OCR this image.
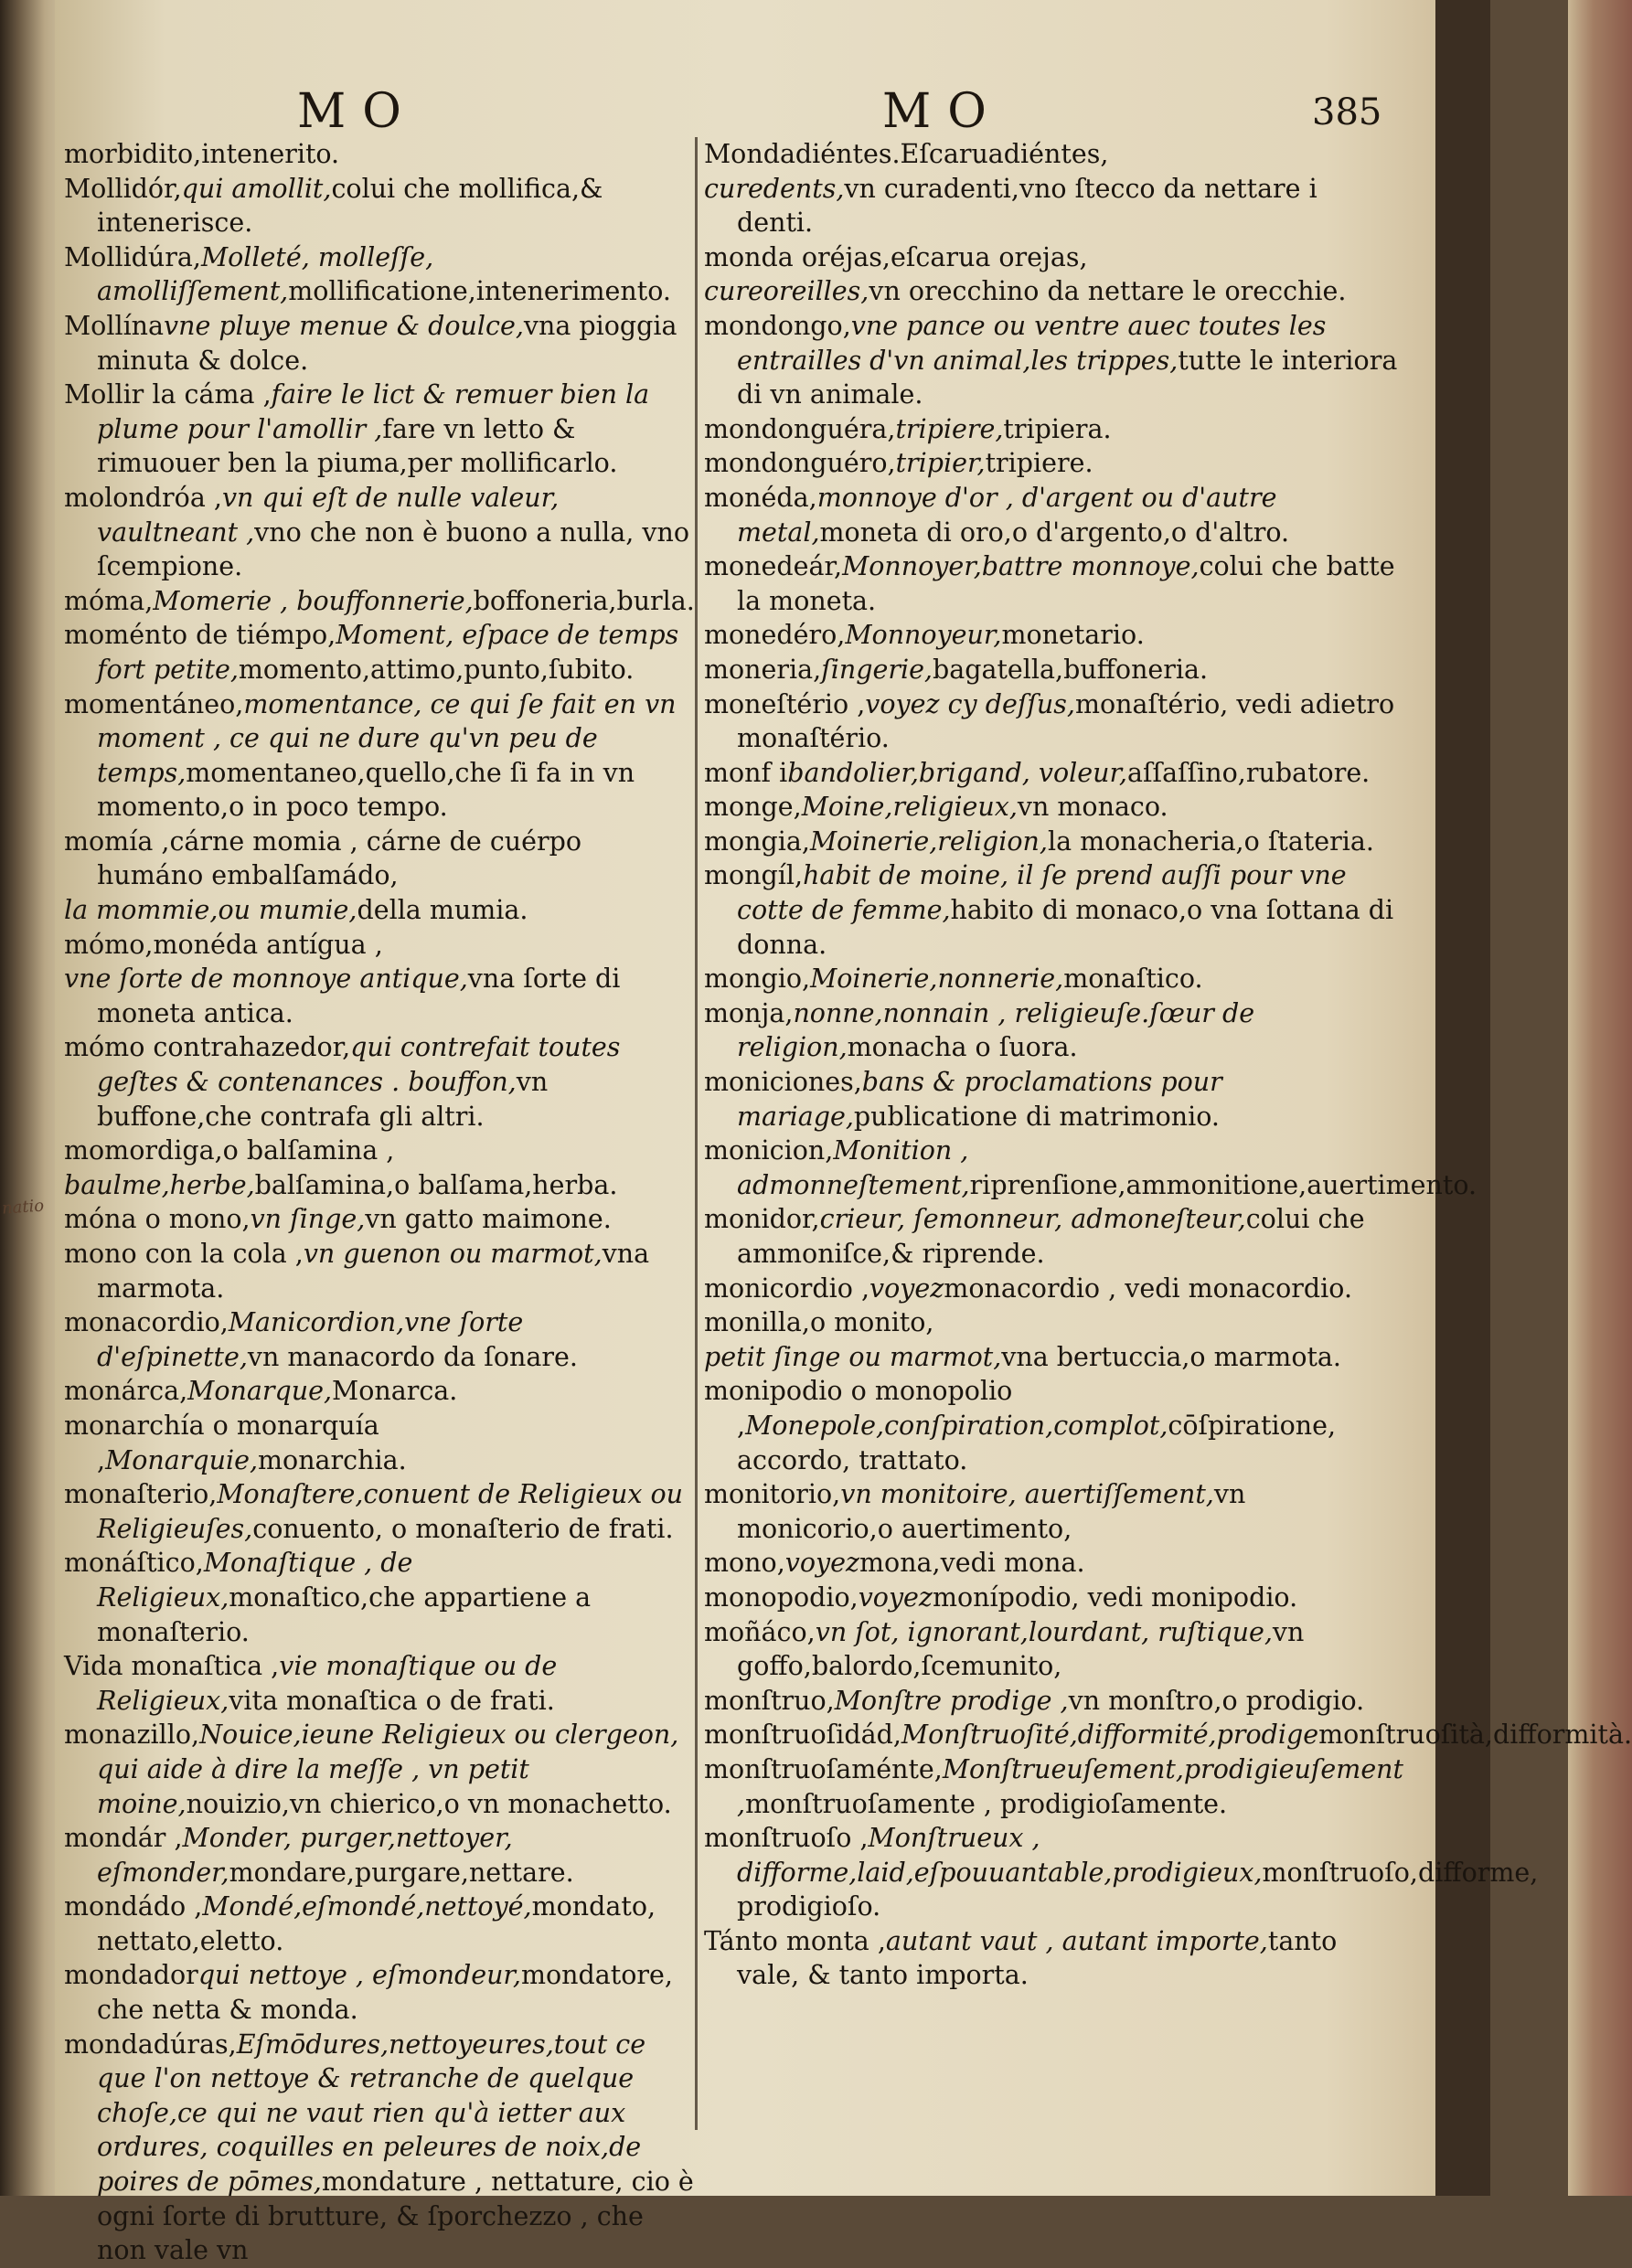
MO	MO	385
morbidito,intenerito.
Mollidór,qui amollit,colui che mollifica,& intenerisce.
Mollidúra,Molleté, molleſſe, amolliſſement,mollificatione,intenerimento.
Mollínavne pluye menue & doulce,vna pioggia minuta & dolce.
Mollir la cáma ,faire le lict & remuer bien la plume pour l'amollir ,fare vn letto & rimuouer ben la piuma,per mollificarlo.
molondróa ,vn qui eſt de nulle valeur, vaultneant ,vno che non è buono a nulla, vno ſcempione.
móma,Momerie , bouffonnerie,boffoneria,burla.
moménto de tiémpo,Moment, eſpace de temps fort petite,momento,attimo,punto,ſubito.
momentáneo,momentance, ce qui ſe fait en vn moment , ce qui ne dure qu'vn peu de temps,momentaneo,quello,che ſi fa in vn momento,o in poco tempo.
momía ,cárne momia , cárne de cuérpo humáno embalſamádo,
la mommie,ou mumie,della mumia.
mómo,monéda antígua ,
vne ſorte de monnoye antique,vna ſorte di moneta antica.
mómo contrahazedor,qui contrefait toutes geſtes & contenances . bouffon,vn buffone,che contrafa gli altri.
momordiga,o balſamina ,
baulme,herbe,balſamina,o balſama,herba.
móna o mono,vn ſinge,vn gatto maimone.
mono con la cola ,vn guenon ou marmot,vna marmota.
monacordio,Manicordion,vne ſorte d'eſpinette,vn manacordo da ſonare.
monárca,Monarque,Monarca.
monarchía o monarquía ,Monarquie,monarchia.
monaſterio,Monaſtere,conuent de Religieux ou Religieuſes,conuento, o monaſterio de frati.
monáſtico,Monaſtique , de Religieux,monaſtico,che appartiene a monaſterio.
Vida monaſtica ,vie monaſtique ou de Religieux,vita monaſtica o de frati.
monazillo,Nouice,ieune Religieux ou clergeon, qui aide à dire la meſſe , vn petit moine,nouizio,vn chierico,o vn monachetto.
mondár ,Monder, purger,nettoyer, eſmonder,mondare,purgare,nettare.
mondádo ,Mondé,eſmondé,nettoyé,mondato, nettato,eletto.
mondadorqui nettoye , eſmondeur,mondatore, che netta & monda.
mondadúras,Eſmōdures,nettoyeures,tout ce que l'on nettoye & retranche de quelque choſe,ce qui ne vaut rien qu'à ietter aux ordures, coquilles en peleures de noix,de poires de pōmes,mondature , nettature, cio è ogni ſorte di brutture, & ſporchezzo , che non vale vn
Mondadiéntes.Eſcaruadiéntes,
curedents,vn curadenti,vno ſtecco da nettare i denti.
monda oréjas,eſcarua orejas,
cureoreilles,vn orecchino da nettare le orecchie.
mondongo,vne pance ou ventre auec toutes les entrailles d'vn animal,les trippes,tutte le interiora di vn animale.
mondonguéra,tripiere,tripiera.
mondonguéro,tripier,tripiere.
monéda,monnoye d'or , d'argent ou d'autre metal,moneta di oro,o d'argento,o d'altro.
monedeár,Monnoyer,battre monnoye,colui che batte la moneta.
monedéro,Monnoyeur,monetario.
moneria,ſingerie,bagatella,buffoneria.
moneſtério ,voyez cy deſſus,monaſtério, vedi adietro monaſtério.
monf ibandolier,brigand, voleur,aſſaſſino,rubatore.
monge,Moine,religieux,vn monaco.
mongia,Moinerie,religion,la monacheria,o ſtateria.
mongíl,habit de moine, il ſe prend auſſi pour vne cotte de femme,habito di monaco,o vna ſottana di donna.
mongio,Moinerie,nonnerie,monaſtico.
monja,nonne,nonnain , religieuſe.ſœur de religion,monacha o ſuora.
moniciones,bans & proclamations pour mariage,publicatione di matrimonio.
monicion,Monition , admonneſtement,riprenſione,ammonitione,auertimento.
monidor,crieur, ſemonneur, admoneſteur,colui che ammoniſce,& riprende.
monicordio ,voyezmonacordio , vedi monacordio.
monilla,o monito,
petit ſinge ou marmot,vna bertuccia,o marmota.
monipodio o monopolio ,Monepole,conſpiration,complot,cōſpiratione, accordo, trattato.
monitorio,vn monitoire, auertiſſement,vn monicorio,o auertimento,
mono,voyezmona,vedi mona.
monopodio,voyezmonípodio, vedi monipodio.
moñáco,vn ſot, ignorant,lourdant, ruſtique,vn goffo,balordo,ſcemunito,
monſtruo,Monſtre prodige ,vn monſtro,o prodigio.
monſtruoſidád,Monſtruoſité,difformité,prodigemonſtruoſità,difformità.
monſtruoſaménte,Monſtrueuſement,prodigieuſement ,monſtruoſamente , prodigioſamente.
monſtruoſo ,Monſtrueux , difforme,laid,eſpouuantable,prodigieux,monſtruoſo,difforme, prodigioſo.
Tánto monta ,autant vaut , autant importe,tanto vale, & tanto importa.
natio
